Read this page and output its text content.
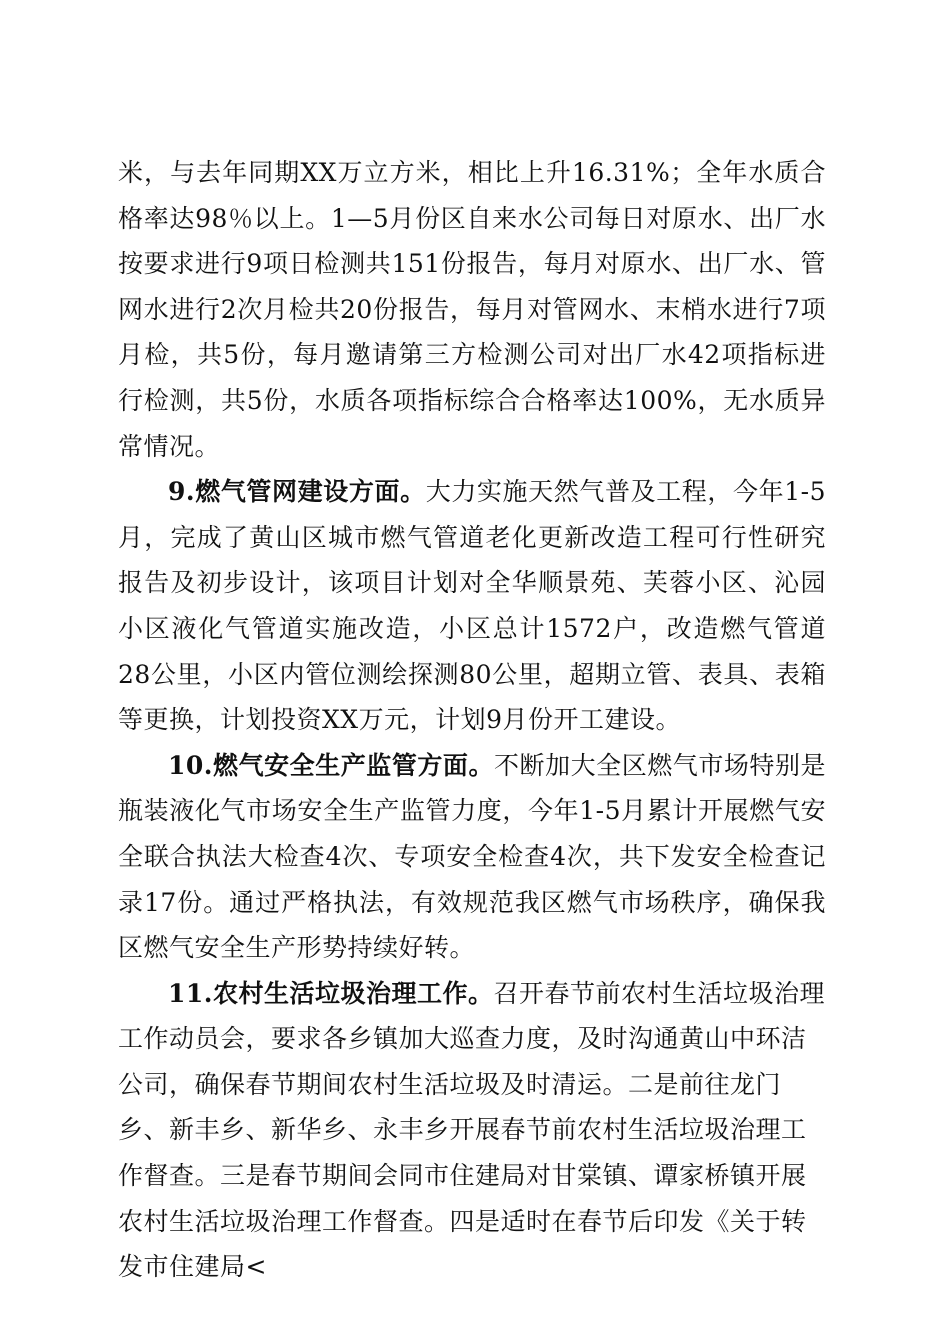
米，与去年同期XX万立方米，相比上升16.31%；全年水质合格率达98％以上。1—5月份区自来水公司每日对原水、出厂水按要求进行9项日检测共151份报告，每月对原水、出厂水、管网水进行2次月检共20份报告，每月对管网水、末梢水进行7项月检，共5份，每月邀请第三方检测公司对出厂水42项指标进行检测，共5份，水质各项指标综合合格率达100%，无水质异常情况。

9.燃气管网建设方面。大力实施天然气普及工程，今年1-5月，完成了黄山区城市燃气管道老化更新改造工程可行性研究报告及初步设计，该项目计划对全华顺景苑、芙蓉小区、沁园小区液化气管道实施改造，小区总计1572户，改造燃气管道28公里，小区内管位测绘探测80公里，超期立管、表具、表箱等更换，计划投资XX万元，计划9月份开工建设。

10.燃气安全生产监管方面。不断加大全区燃气市场特别是瓶装液化气市场安全生产监管力度，今年1-5月累计开展燃气安全联合执法大检查4次、专项安全检查4次，共下发安全检查记录17份。通过严格执法，有效规范我区燃气市场秩序，确保我区燃气安全生产形势持续好转。

11.农村生活垃圾治理工作。召开春节前农村生活垃圾治理工作动员会，要求各乡镇加大巡查力度，及时沟通黄山中环洁公司，确保春节期间农村生活垃圾及时清运。二是前往龙门乡、新丰乡、新华乡、永丰乡开展春节前农村生活垃圾治理工作督查。三是春节期间会同市住建局对甘棠镇、谭家桥镇开展农村生活垃圾治理工作督查。四是适时在春节后印发《关于转发市住建局<
